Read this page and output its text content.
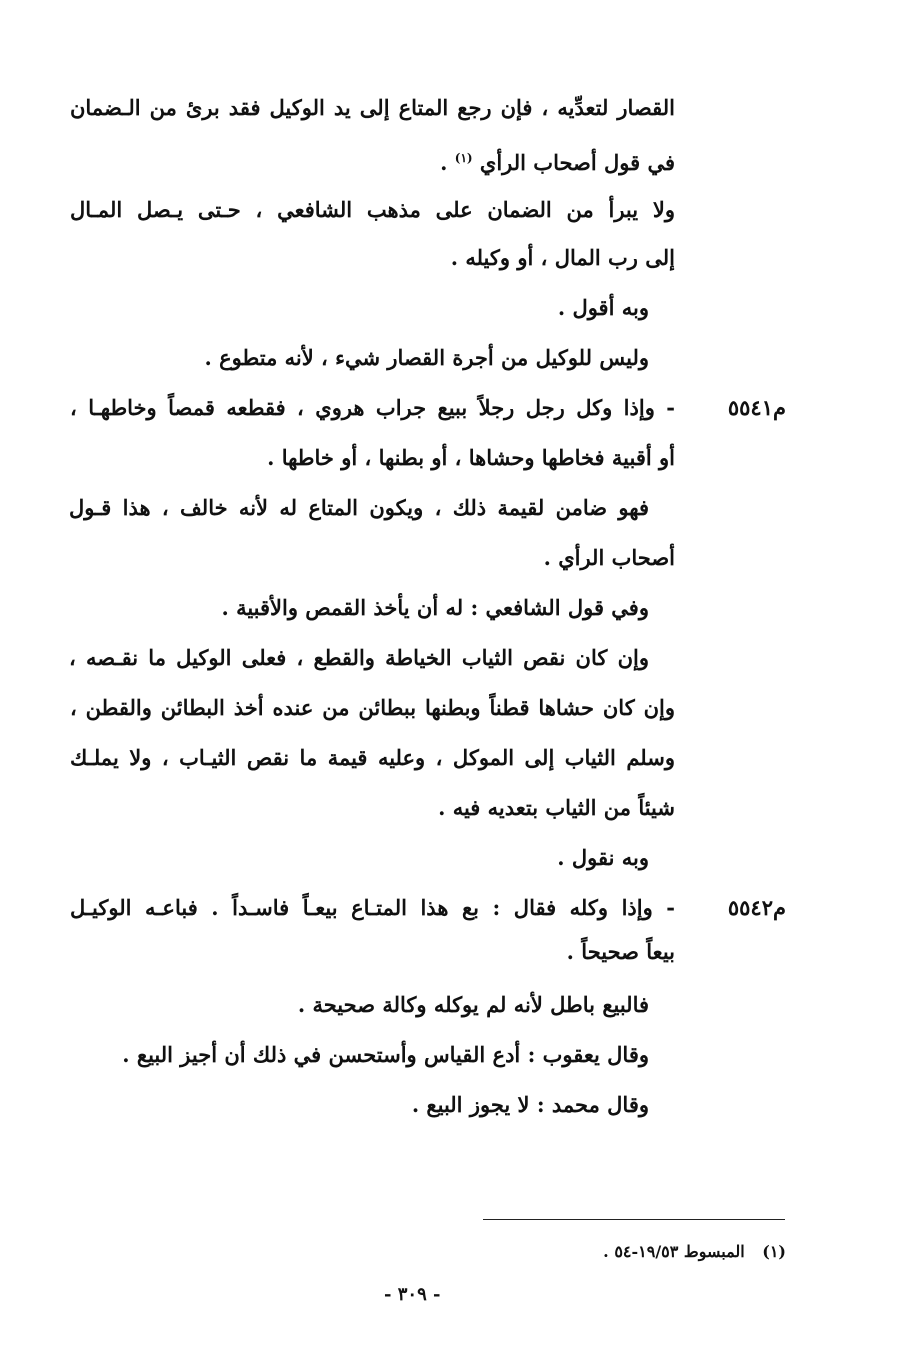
القصار لتعدِّيه ، فإن رجع المتاع إلى يد الوكيل فقد برئ من الـضمان
في قول أصحاب الرأي $^{(١)}$ .
ولا يبرأ من الضمان على مذهب الشافعي ، حـتى يـصل المـال
إلى رب المال ، أو وكيله .
وبه أقول .
وليس للوكيل من أجرة القصار شيء ، لأنه متطوع .
م٥٥٤١
- وإذا وكل رجل رجلاً ببيع جراب هروي ، فقطعه قمصاً وخاطهـا ،
أو أقبية فخاطها وحشاها ، أو بطنها ، أو خاطها .
فهو ضامن لقيمة ذلك ، ويكون المتاع له لأنه خالف ، هذا قـول
أصحاب الرأي .
وفي قول الشافعي : له أن يأخذ القمص والأقبية .
وإن كان نقص الثياب الخياطة والقطع ، فعلى الوكيل ما نقـصه ،
وإن كان حشاها قطناً وبطنها ببطائن من عنده أخذ البطائن والقطن ،
وسلم الثياب إلى الموكل ، وعليه قيمة ما نقص الثيـاب ، ولا يملـك
شيئاً من الثياب بتعديه فيه .
وبه نقول .
م٥٥٤٢
- وإذا وكله فقال : بع هذا المتـاع بيعـاً فاسـداً . فباعـه الوكيـل
بيعاً صحيحاً .
فالبيع باطل لأنه لم يوكله وكالة صحيحة .
وقال يعقوب : أدع القياس وأستحسن في ذلك أن أجيز البيع .
وقال محمد : لا يجوز البيع .
(١) المبسوط ١٩/٥٣-٥٤ .
- ٣٠٩ -
